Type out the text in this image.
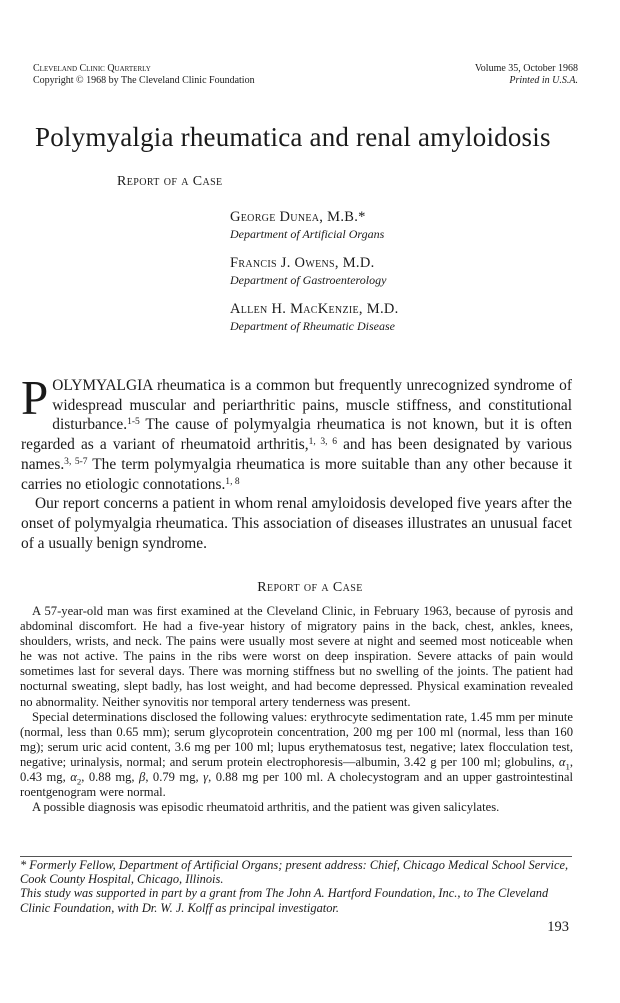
Cleveland Clinic Quarterly
Copyright © 1968 by The Cleveland Clinic Foundation
Volume 35, October 1968
Printed in U.S.A.
Polymyalgia rheumatica and renal amyloidosis
Report of a Case
George Dunea, M.B.*
Department of Artificial Organs
Francis J. Owens, M.D.
Department of Gastroenterology
Allen H. MacKenzie, M.D.
Department of Rheumatic Disease

POLYMYALGIA rheumatica is a common but frequently unrecognized syndrome of widespread muscular and periarthritic pains, muscle stiffness, and constitutional disturbance.$^{1-5}$ The cause of polymyalgia rheumatica is not known, but it is often regarded as a variant of rheumatoid arthritis,$^{1, 3, 6}$ and has been designated by various names.$^{3, 5-7}$ The term polymyalgia rheumatica is more suitable than any other because it carries no etiologic connotations.$^{1, 8}$

Our report concerns a patient in whom renal amyloidosis developed five years after the onset of polymyalgia rheumatica. This association of diseases illustrates an unusual facet of a usually benign syndrome.

Report of a Case

A 57-year-old man was first examined at the Cleveland Clinic, in February 1963, because of pyrosis and abdominal discomfort. He had a five-year history of migratory pains in the back, chest, ankles, knees, shoulders, wrists, and neck. The pains were usually most severe at night and seemed most noticeable when he was not active. The pains in the ribs were worst on deep inspiration. Severe attacks of pain would sometimes last for several days. There was morning stiffness but no swelling of the joints. The patient had nocturnal sweating, slept badly, has lost weight, and had become depressed. Physical examination revealed no abnormality. Neither synovitis nor temporal artery tenderness was present.

Special determinations disclosed the following values: erythrocyte sedimentation rate, 1.45 mm per minute (normal, less than 0.65 mm); serum glycoprotein concentration, 200 mg per 100 ml (normal, less than 160 mg); serum uric acid content, 3.6 mg per 100 ml; lupus erythematosus test, negative; latex flocculation test, negative; urinalysis, normal; and serum protein electrophoresis—albumin, 3.42 g per 100 ml; globulins, $\alpha_1$, 0.43 mg, $\alpha_2$, 0.88 mg, β, 0.79 mg, γ, 0.88 mg per 100 ml. A cholecystogram and an upper gastrointestinal roentgenogram were normal.

A possible diagnosis was episodic rheumatoid arthritis, and the patient was given salicylates.

* Formerly Fellow, Department of Artificial Organs; present address: Chief, Chicago Medical School Service, Cook County Hospital, Chicago, Illinois.

This study was supported in part by a grant from The John A. Hartford Foundation, Inc., to The Cleveland Clinic Foundation, with Dr. W. J. Kolff as principal investigator.

193
